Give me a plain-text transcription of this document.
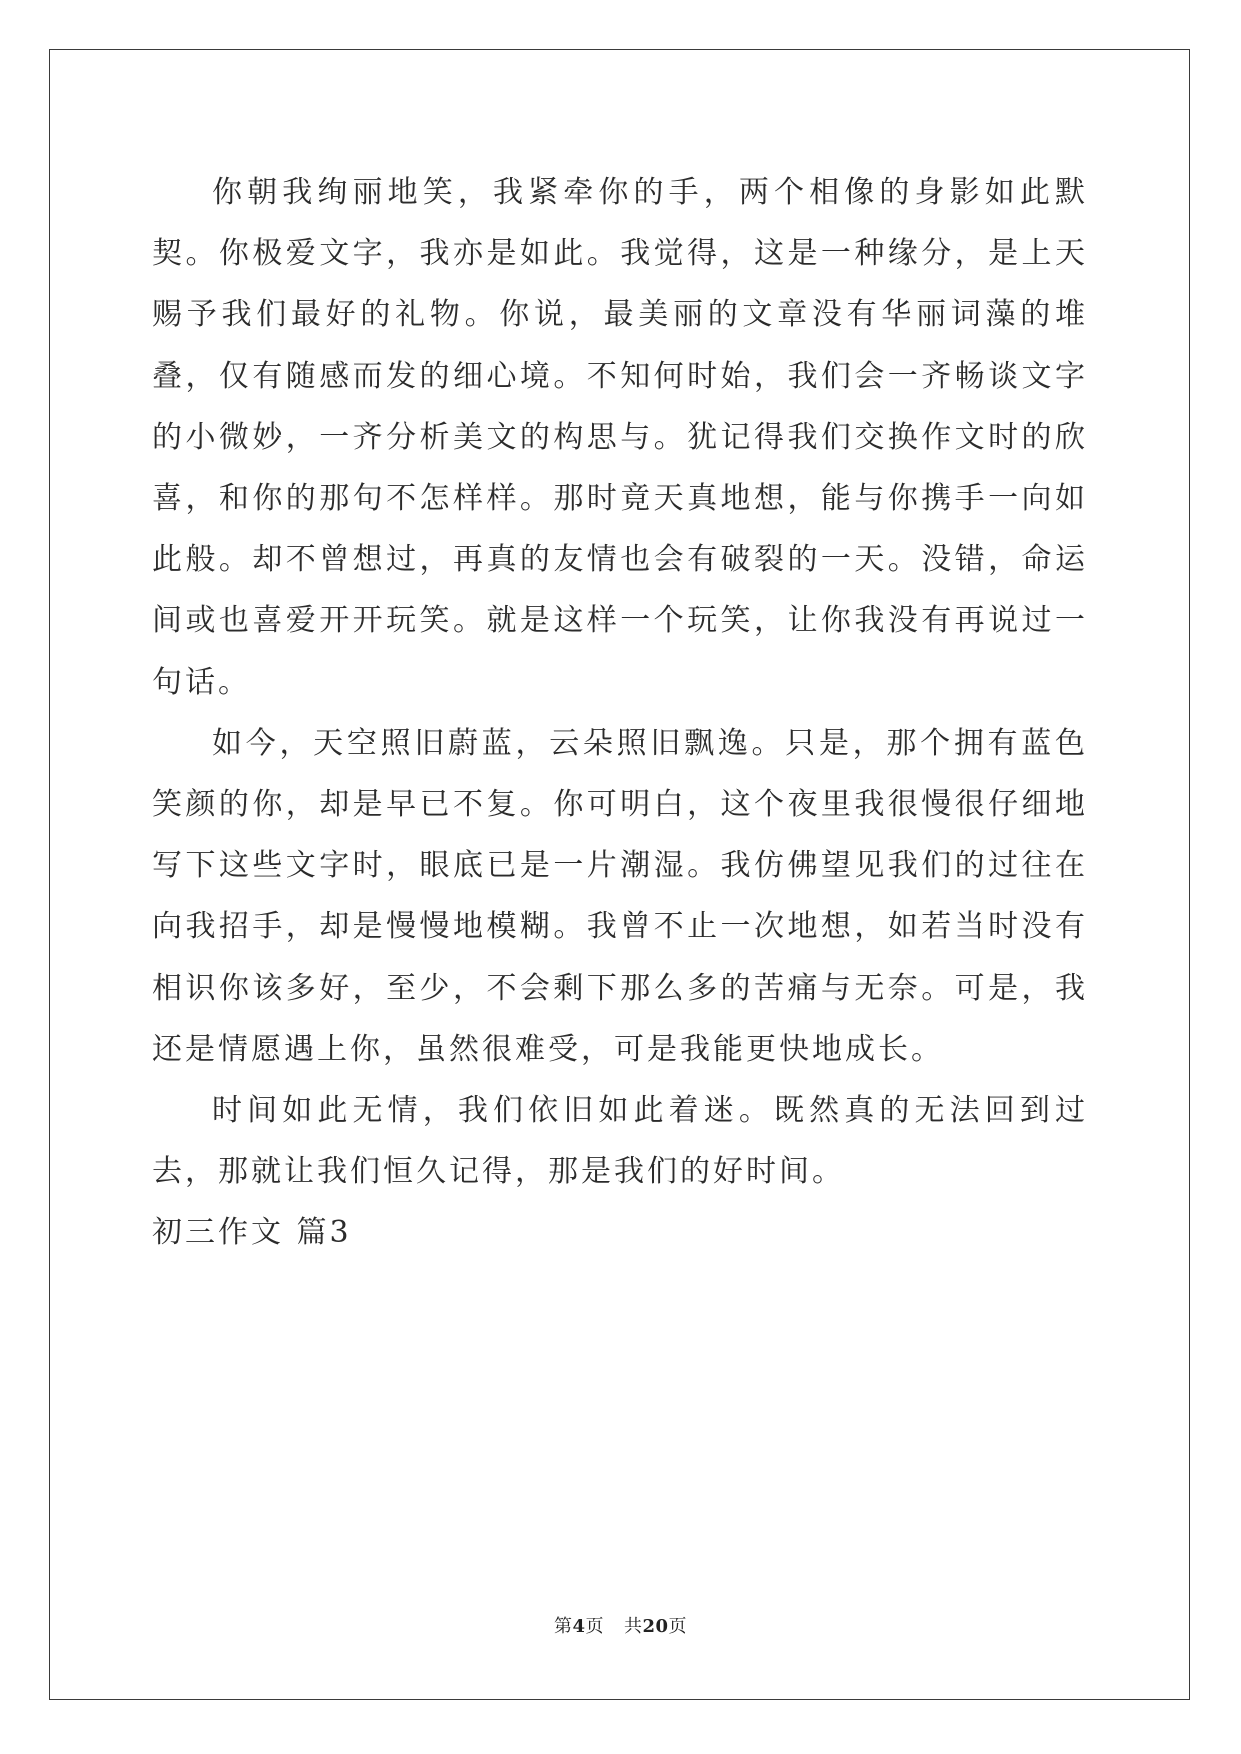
你朝我绚丽地笑，我紧牵你的手，两个相像的身影如此默契。你极爱文字，我亦是如此。我觉得，这是一种缘分，是上天赐予我们最好的礼物。你说，最美丽的文章没有华丽词藻的堆叠，仅有随感而发的细心境。不知何时始，我们会一齐畅谈文字的小微妙，一齐分析美文的构思与。犹记得我们交换作文时的欣喜，和你的那句不怎样样。那时竟天真地想，能与你携手一向如此般。却不曾想过，再真的友情也会有破裂的一天。没错，命运间或也喜爱开开玩笑。就是这样一个玩笑，让你我没有再说过一句话。

如今，天空照旧蔚蓝，云朵照旧飘逸。只是，那个拥有蓝色笑颜的你，却是早已不复。你可明白，这个夜里我很慢很仔细地写下这些文字时，眼底已是一片潮湿。我仿佛望见我们的过往在向我招手，却是慢慢地模糊。我曾不止一次地想，如若当时没有相识你该多好，至少，不会剩下那么多的苦痛与无奈。可是，我还是情愿遇上你，虽然很难受，可是我能更快地成长。

时间如此无情，我们依旧如此着迷。既然真的无法回到过去，那就让我们恒久记得，那是我们的好时间。

初三作文 篇3

第4页 共20页
